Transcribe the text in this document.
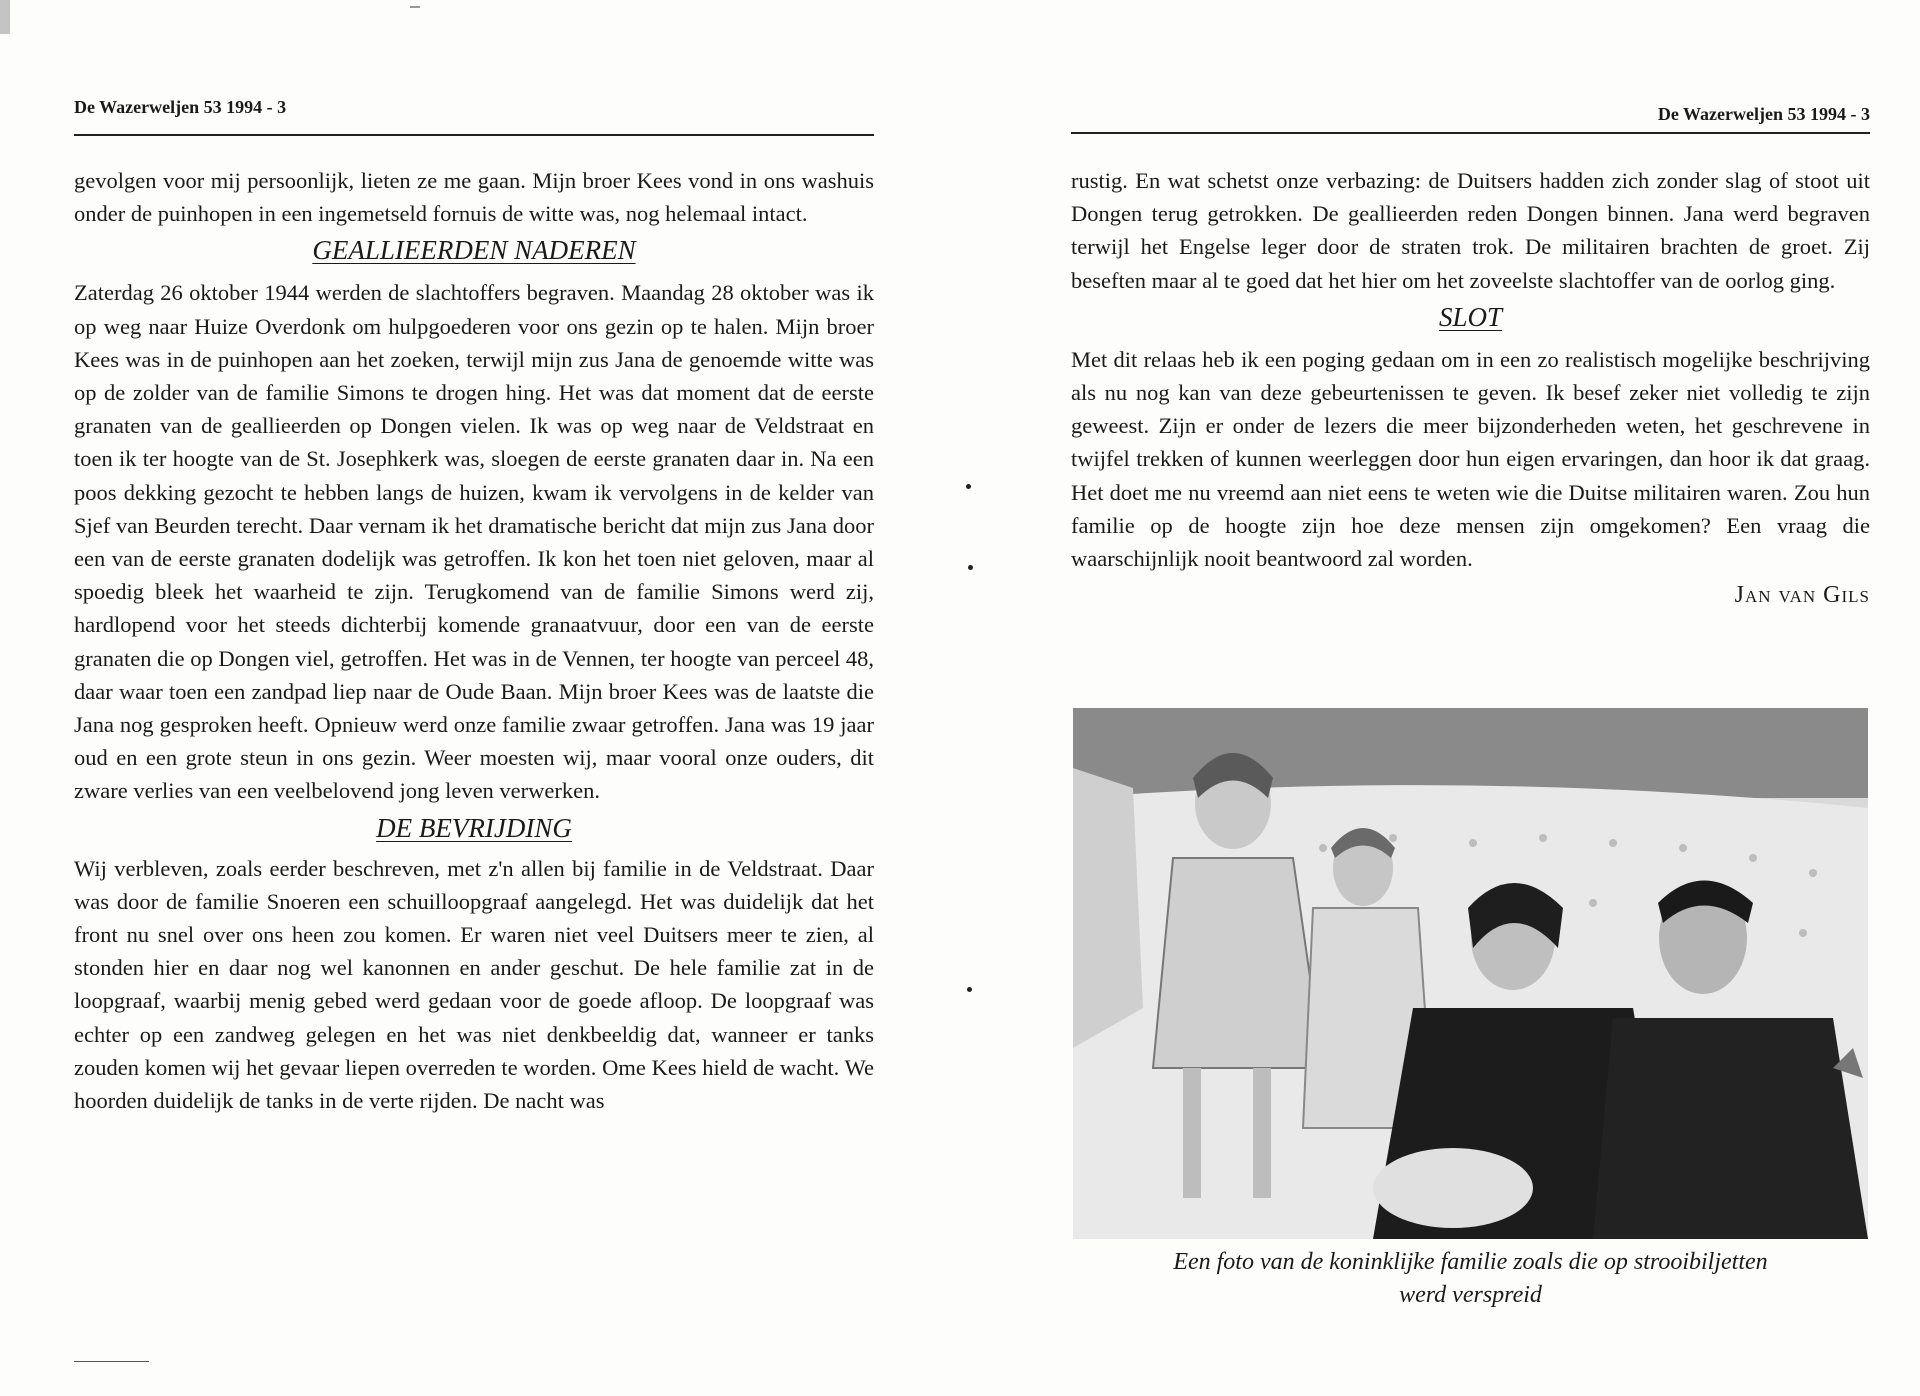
De Wazerweljen 53 1994 - 3

gevolgen voor mij persoonlijk, lieten ze me gaan. Mijn broer Kees vond in ons washuis onder de puinhopen in een ingemetseld fornuis de witte was, nog helemaal intact.

GEALLIEERDEN NADEREN

Zaterdag 26 oktober 1944 werden de slachtoffers begraven. Maandag 28 oktober was ik op weg naar Huize Overdonk om hulpgoederen voor ons gezin op te halen. Mijn broer Kees was in de puinhopen aan het zoeken, terwijl mijn zus Jana de genoemde witte was op de zolder van de familie Simons te drogen hing. Het was dat moment dat de eerste granaten van de geallieerden op Dongen vielen. Ik was op weg naar de Veldstraat en toen ik ter hoogte van de St. Josephkerk was, sloegen de eerste granaten daar in. Na een poos dekking gezocht te hebben langs de huizen, kwam ik vervolgens in de kelder van Sjef van Beurden terecht. Daar vernam ik het dramatische bericht dat mijn zus Jana door een van de eerste granaten dodelijk was getroffen. Ik kon het toen niet geloven, maar al spoedig bleek het waarheid te zijn. Terugkomend van de familie Simons werd zij, hardlopend voor het steeds dichterbij komende granaatvuur, door een van de eerste granaten die op Dongen viel, getroffen. Het was in de Vennen, ter hoogte van perceel 48, daar waar toen een zandpad liep naar de Oude Baan. Mijn broer Kees was de laatste die Jana nog gesproken heeft. Opnieuw werd onze familie zwaar getroffen. Jana was 19 jaar oud en een grote steun in ons gezin. Weer moesten wij, maar vooral onze ouders, dit zware verlies van een veelbelovend jong leven verwerken.

DE BEVRIJDING

Wij verbleven, zoals eerder beschreven, met z'n allen bij familie in de Veldstraat. Daar was door de familie Snoeren een schuilloopgraaf aangelegd. Het was duidelijk dat het front nu snel over ons heen zou komen. Er waren niet veel Duitsers meer te zien, al stonden hier en daar nog wel kanonnen en ander geschut. De hele familie zat in de loopgraaf, waarbij menig gebed werd gedaan voor de goede afloop. De loopgraaf was echter op een zandweg gelegen en het was niet denkbeeldig dat, wanneer er tanks zouden komen wij het gevaar liepen overreden te worden. Ome Kees hield de wacht. We hoorden duidelijk de tanks in de verte rijden. De nacht was

De Wazerweljen 53 1994 - 3

rustig. En wat schetst onze verbazing: de Duitsers hadden zich zonder slag of stoot uit Dongen terug getrokken. De geallieerden reden Dongen binnen. Jana werd begraven terwijl het Engelse leger door de straten trok. De militairen brachten de groet. Zij beseften maar al te goed dat het hier om het zoveelste slachtoffer van de oorlog ging.

SLOT

Met dit relaas heb ik een poging gedaan om in een zo realistisch mogelijke beschrijving als nu nog kan van deze gebeurtenissen te geven. Ik besef zeker niet volledig te zijn geweest. Zijn er onder de lezers die meer bijzonderheden weten, het geschrevene in twijfel trekken of kunnen weerleggen door hun eigen ervaringen, dan hoor ik dat graag. Het doet me nu vreemd aan niet eens te weten wie die Duitse militairen waren. Zou hun familie op de hoogte zijn hoe deze mensen zijn omgekomen? Een vraag die waarschijnlijk nooit beantwoord zal worden.

Jan van Gils

Een foto van de koninklijke familie zoals die op strooibiljetten
werd verspreid
